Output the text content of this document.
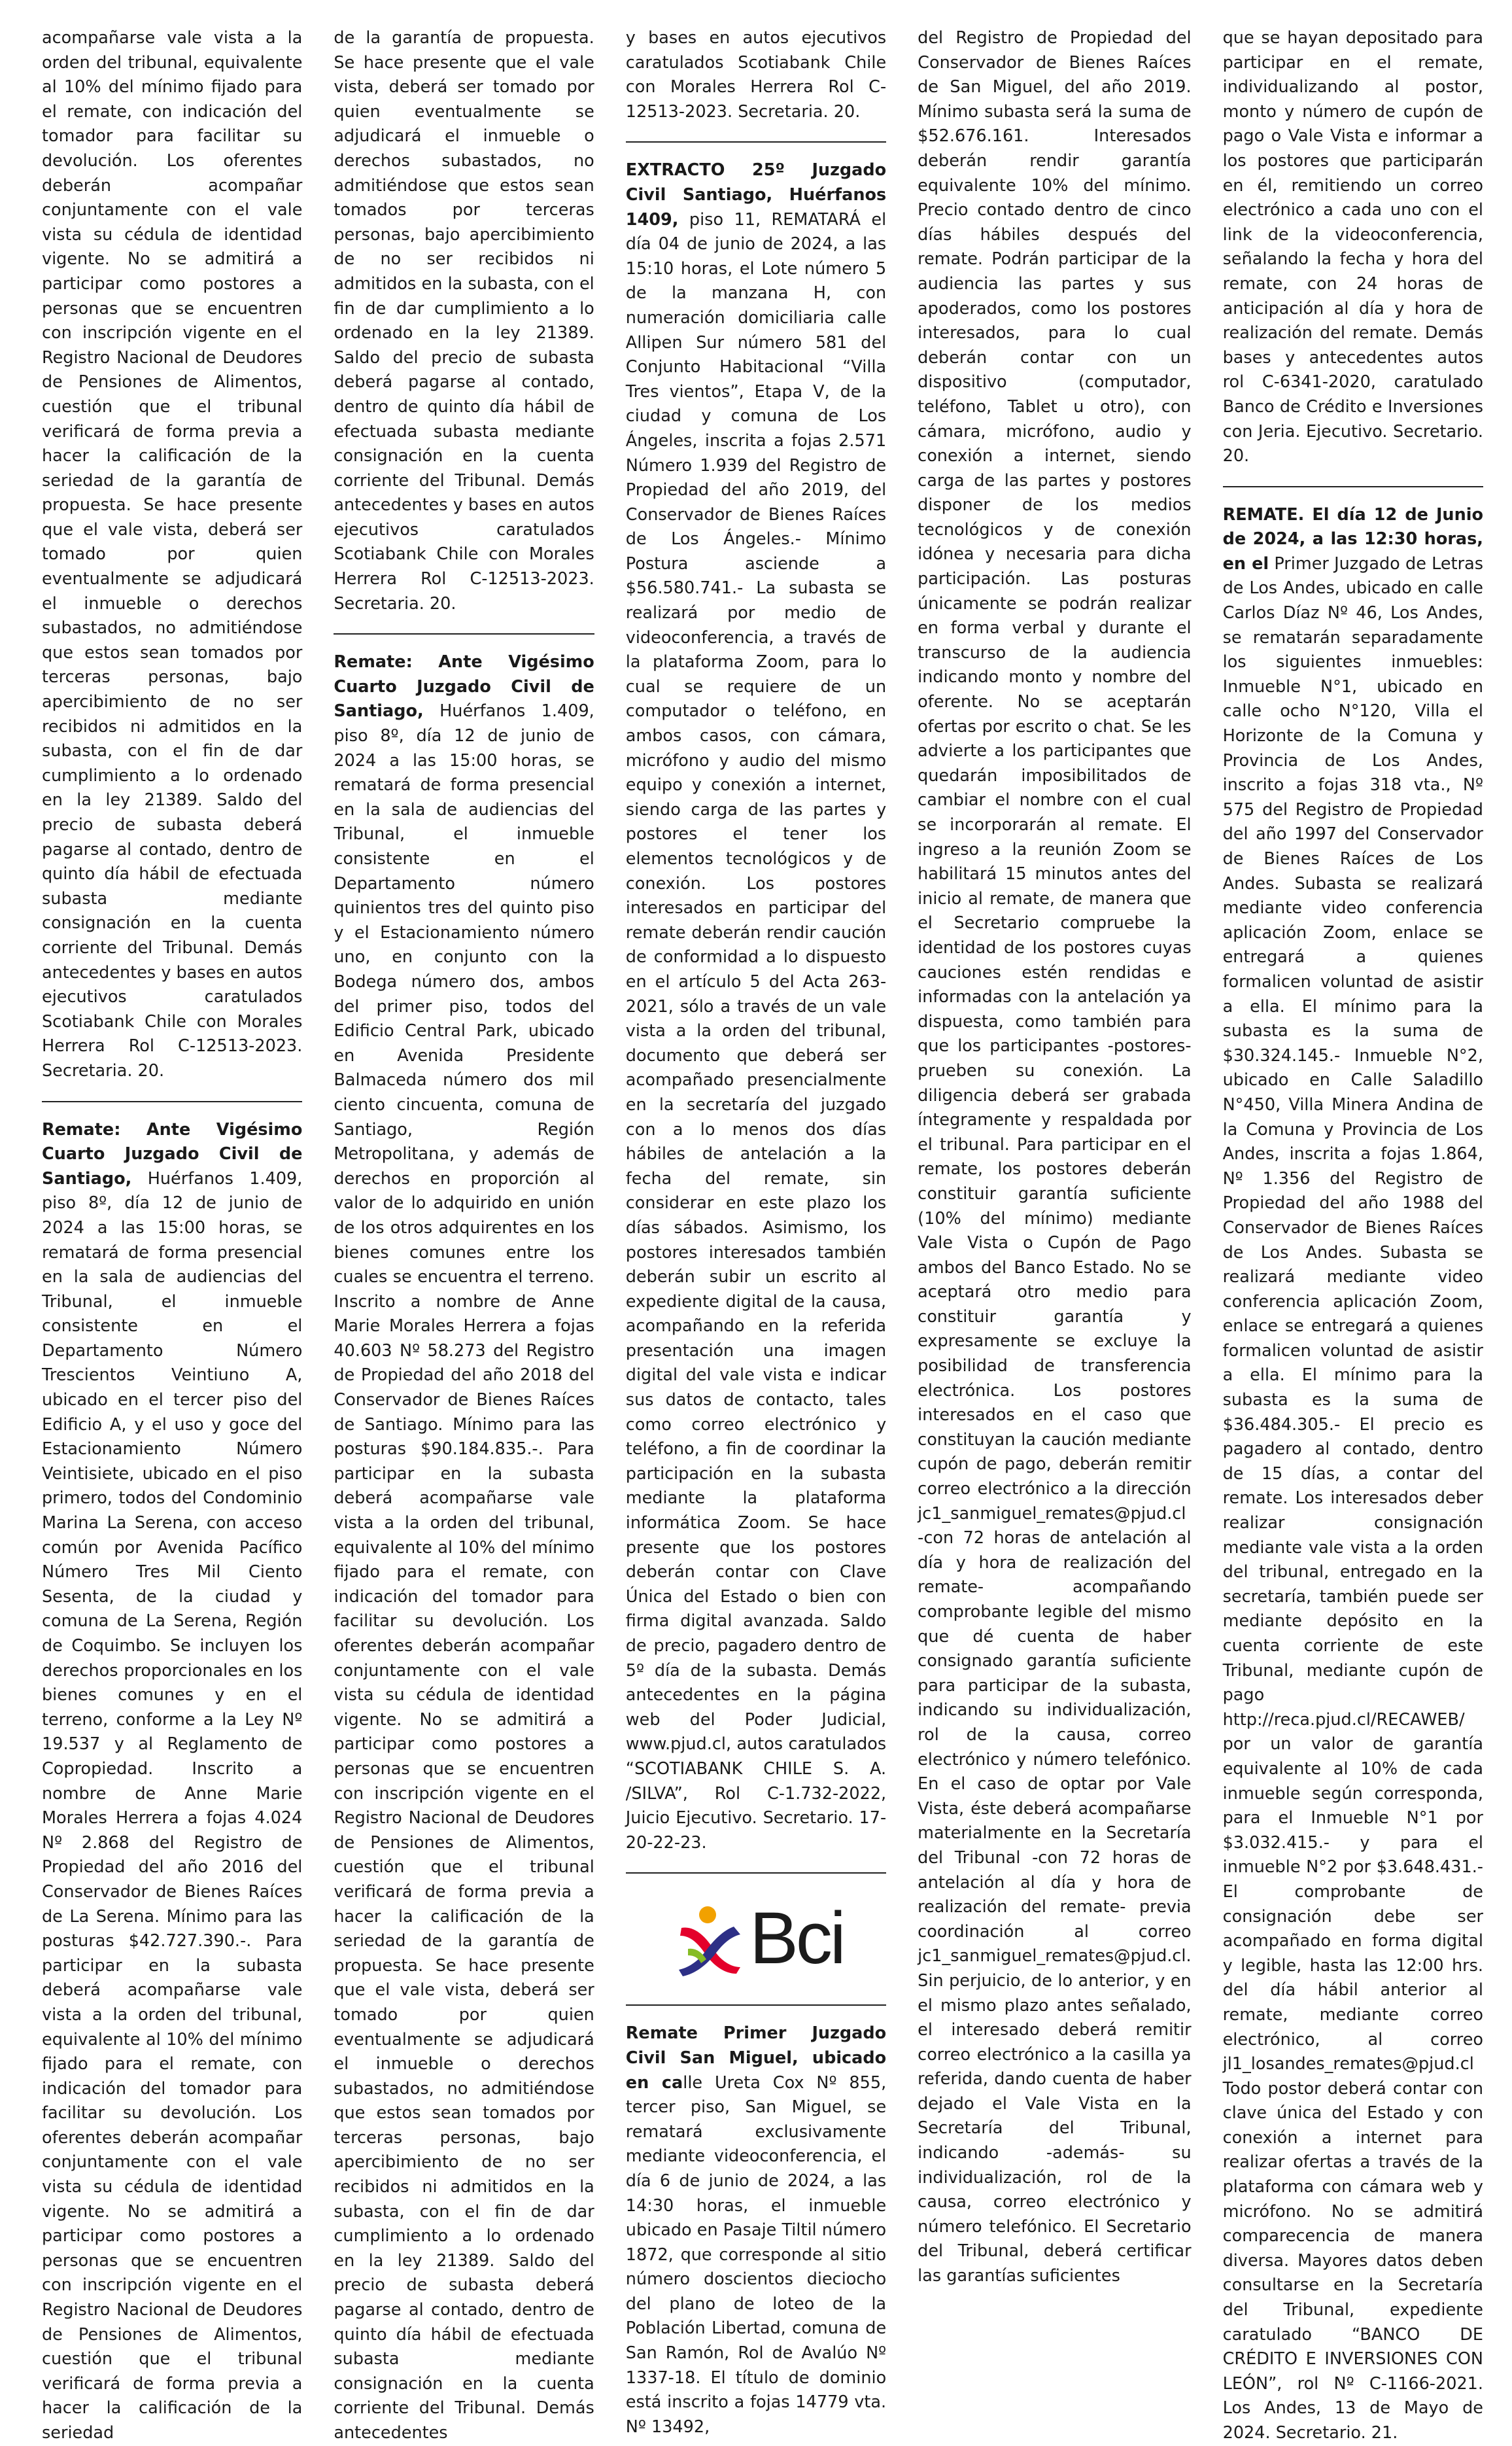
acompañarse vale vista a la orden del tribunal, equivalente al 10% del mínimo fijado para el remate, con indicación del tomador para facilitar su devolución. Los oferentes deberán acompañar conjuntamente con el vale vista su cédula de identidad vigente. No se admitirá a participar como postores a personas que se encuentren con inscripción vigente en el Registro Nacional de Deudores de Pensiones de Alimentos, cuestión que el tribunal verificará de forma previa a hacer la calificación de la seriedad de la garantía de propuesta. Se hace presente que el vale vista, deberá ser tomado por quien eventualmente se adjudicará el inmueble o derechos subastados, no admitiéndose que estos sean tomados por terceras personas, bajo apercibimiento de no ser recibidos ni admitidos en la subasta, con el fin de dar cumplimiento a lo ordenado en la ley 21389. Saldo del precio de subasta deberá pagarse al contado, dentro de quinto día hábil de efectuada subasta mediante consignación en la cuenta corriente del Tribunal. Demás antecedentes y bases en autos ejecutivos caratulados Scotiabank Chile con Morales Herrera Rol C-12513-2023. Secretaria. 20.

Remate: Ante Vigésimo Cuarto Juzgado Civil de Santiago, Huérfanos 1.409, piso 8º, día 12 de junio de 2024 a las 15:00 horas, se rematará de forma presencial en la sala de audiencias del Tribunal, el inmueble consistente en el Departamento Número Trescientos Veintiuno A, ubicado en el tercer piso del Edificio A, y el uso y goce del Estacionamiento Número Veintisiete, ubicado en el piso primero, todos del Condominio Marina La Serena, con acceso común por Avenida Pacífico Número Tres Mil Ciento Sesenta, de la ciudad y comuna de La Serena, Región de Coquimbo. Se incluyen los derechos proporcionales en los bienes comunes y en el terreno, conforme a la Ley Nº 19.537 y al Reglamento de Copropiedad. Inscrito a nombre de Anne Marie Morales Herrera a fojas 4.024 Nº 2.868 del Registro de Propiedad del año 2016 del Conservador de Bienes Raíces de La Serena. Mínimo para las posturas $42.727.390.-. Para participar en la subasta deberá acompañarse vale vista a la orden del tribunal, equivalente al 10% del mínimo fijado para el remate, con indicación del tomador para facilitar su devolución. Los oferentes deberán acompañar conjuntamente con el vale vista su cédula de identidad vigente. No se admitirá a participar como postores a personas que se encuentren con inscripción vigente en el Registro Nacional de Deudores de Pensiones de Alimentos, cuestión que el tribunal verificará de forma previa a hacer la calificación de la seriedad

de la garantía de propuesta. Se hace presente que el vale vista, deberá ser tomado por quien eventualmente se adjudicará el inmueble o derechos subastados, no admitiéndose que estos sean tomados por terceras personas, bajo apercibimiento de no ser recibidos ni admitidos en la subasta, con el fin de dar cumplimiento a lo ordenado en la ley 21389. Saldo del precio de subasta deberá pagarse al contado, dentro de quinto día hábil de efectuada subasta mediante consignación en la cuenta corriente del Tribunal. Demás antecedentes y bases en autos ejecutivos caratulados Scotiabank Chile con Morales Herrera Rol C-12513-2023. Secretaria. 20.

Remate: Ante Vigésimo Cuarto Juzgado Civil de Santiago, Huérfanos 1.409, piso 8º, día 12 de junio de 2024 a las 15:00 horas, se rematará de forma presencial en la sala de audiencias del Tribunal, el inmueble consistente en el Departamento número quinientos tres del quinto piso y el Estacionamiento número uno, en conjunto con la Bodega número dos, ambos del primer piso, todos del Edificio Central Park, ubicado en Avenida Presidente Balmaceda número dos mil ciento cincuenta, comuna de Santiago, Región Metropolitana, y además de derechos en proporción al valor de lo adquirido en unión de los otros adquirentes en los bienes comunes entre los cuales se encuentra el terreno. Inscrito a nombre de Anne Marie Morales Herrera a fojas 40.603 Nº 58.273 del Registro de Propiedad del año 2018 del Conservador de Bienes Raíces de Santiago. Mínimo para las posturas $90.184.835.-. Para participar en la subasta deberá acompañarse vale vista a la orden del tribunal, equivalente al 10% del mínimo fijado para el remate, con indicación del tomador para facilitar su devolución. Los oferentes deberán acompañar conjuntamente con el vale vista su cédula de identidad vigente. No se admitirá a participar como postores a personas que se encuentren con inscripción vigente en el Registro Nacional de Deudores de Pensiones de Alimentos, cuestión que el tribunal verificará de forma previa a hacer la calificación de la seriedad de la garantía de propuesta. Se hace presente que el vale vista, deberá ser tomado por quien eventualmente se adjudicará el inmueble o derechos subastados, no admitiéndose que estos sean tomados por terceras personas, bajo apercibimiento de no ser recibidos ni admitidos en la subasta, con el fin de dar cumplimiento a lo ordenado en la ley 21389. Saldo del precio de subasta deberá pagarse al contado, dentro de quinto día hábil de efectuada subasta mediante consignación en la cuenta corriente del Tribunal. Demás antecedentes

y bases en autos ejecutivos caratulados Scotiabank Chile con Morales Herrera Rol C-12513-2023. Secretaria. 20.

EXTRACTO 25º Juzgado Civil Santiago, Huérfanos 1409, piso 11, REMATARÁ el día 04 de junio de 2024, a las 15:10 horas, el Lote número 5 de la manzana H, con numeración domiciliaria calle Allipen Sur número 581 del Conjunto Habitacional “Villa Tres vientos”, Etapa V, de la ciudad y comuna de Los Ángeles, inscrita a fojas 2.571 Número 1.939 del Registro de Propiedad del año 2019, del Conservador de Bienes Raíces de Los Ángeles.- Mínimo Postura asciende a $56.580.741.- La subasta se realizará por medio de videoconferencia, a través de la plataforma Zoom, para lo cual se requiere de un computador o teléfono, en ambos casos, con cámara, micrófono y audio del mismo equipo y conexión a internet, siendo carga de las partes y postores el tener los elementos tecnológicos y de conexión. Los postores interesados en participar del remate deberán rendir caución de conformidad a lo dispuesto en el artículo 5 del Acta 263-2021, sólo a través de un vale vista a la orden del tribunal, documento que deberá ser acompañado presencialmente en la secretaría del juzgado con a lo menos dos días hábiles de antelación a la fecha del remate, sin considerar en este plazo los días sábados. Asimismo, los postores interesados también deberán subir un escrito al expediente digital de la causa, acompañando en la referida presentación una imagen digital del vale vista e indicar sus datos de contacto, tales como correo electrónico y teléfono, a fin de coordinar la participación en la subasta mediante la plataforma informática Zoom. Se hace presente que los postores deberán contar con Clave Única del Estado o bien con firma digital avanzada. Saldo de precio, pagadero dentro de 5º día de la subasta. Demás antecedentes en la página web del Poder Judicial, www.pjud.cl, autos caratulados “SCOTIABANK CHILE S. A. /SILVA”, Rol C-1.732-2022, Juicio Ejecutivo. Secretario. 17-20-22-23.

Bci

Remate Primer Juzgado Civil San Miguel, ubicado en calle Ureta Cox Nº 855, tercer piso, San Miguel, se rematará exclusivamente mediante videoconferencia, el día 6 de junio de 2024, a las 14:30 horas, el inmueble ubicado en Pasaje Tiltil número 1872, que corresponde al sitio número doscientos dieciocho del plano de loteo de la Población Libertad, comuna de San Ramón, Rol de Avalúo Nº 1337-18. El título de dominio está inscrito a fojas 14779 vta. Nº 13492,

del Registro de Propiedad del Conservador de Bienes Raíces de San Miguel, del año 2019. Mínimo subasta será la suma de $52.676.161. Interesados deberán rendir garantía equivalente 10% del mínimo. Precio contado dentro de cinco días hábiles después del remate. Podrán participar de la audiencia las partes y sus apoderados, como los postores interesados, para lo cual deberán contar con un dispositivo (computador, teléfono, Tablet u otro), con cámara, micrófono, audio y conexión a internet, siendo carga de las partes y postores disponer de los medios tecnológicos y de conexión idónea y necesaria para dicha participación. Las posturas únicamente se podrán realizar en forma verbal y durante el transcurso de la audiencia indicando monto y nombre del oferente. No se aceptarán ofertas por escrito o chat. Se les advierte a los participantes que quedarán imposibilitados de cambiar el nombre con el cual se incorporarán al remate. El ingreso a la reunión Zoom se habilitará 15 minutos antes del inicio al remate, de manera que el Secretario compruebe la identidad de los postores cuyas cauciones estén rendidas e informadas con la antelación ya dispuesta, como también para que los participantes -postores- prueben su conexión. La diligencia deberá ser grabada íntegramente y respaldada por el tribunal. Para participar en el remate, los postores deberán constituir garantía suficiente (10% del mínimo) mediante Vale Vista o Cupón de Pago ambos del Banco Estado. No se aceptará otro medio para constituir garantía y expresamente se excluye la posibilidad de transferencia electrónica. Los postores interesados en el caso que constituyan la caución mediante cupón de pago, deberán remitir correo electrónico a la dirección jc1_sanmiguel_remates@pjud.cl -con 72 horas de antelación al día y hora de realización del remate- acompañando comprobante legible del mismo que dé cuenta de haber consignado garantía suficiente para participar de la subasta, indicando su individualización, rol de la causa, correo electrónico y número telefónico. En el caso de optar por Vale Vista, éste deberá acompañarse materialmente en la Secretaría del Tribunal -con 72 horas de antelación al día y hora de realización del remate- previa coordinación al correo jc1_sanmiguel_remates@pjud.cl. Sin perjuicio, de lo anterior, y en el mismo plazo antes señalado, el interesado deberá remitir correo electrónico a la casilla ya referida, dando cuenta de haber dejado el Vale Vista en la Secretaría del Tribunal, indicando -además- su individualización, rol de la causa, correo electrónico y número telefónico. El Secretario del Tribunal, deberá certificar las garantías suficientes

que se hayan depositado para participar en el remate, individualizando al postor, monto y número de cupón de pago o Vale Vista e informar a los postores que participarán en él, remitiendo un correo electrónico a cada uno con el link de la videoconferencia, señalando la fecha y hora del remate, con 24 horas de anticipación al día y hora de realización del remate. Demás bases y antecedentes autos rol C-6341-2020, caratulado Banco de Crédito e Inversiones con Jeria. Ejecutivo. Secretario. 20.

REMATE. El día 12 de Junio de 2024, a las 12:30 horas, en el Primer Juzgado de Letras de Los Andes, ubicado en calle Carlos Díaz Nº 46, Los Andes, se rematarán separadamente los siguientes inmuebles: Inmueble N°1, ubicado en calle ocho N°120, Villa el Horizonte de la Comuna y Provincia de Los Andes, inscrito a fojas 318 vta., Nº 575 del Registro de Propiedad del año 1997 del Conservador de Bienes Raíces de Los Andes. Subasta se realizará mediante video conferencia aplicación Zoom, enlace se entregará a quienes formalicen voluntad de asistir a ella. El mínimo para la subasta es la suma de $30.324.145.- Inmueble N°2, ubicado en Calle Saladillo N°450, Villa Minera Andina de la Comuna y Provincia de Los Andes, inscrita a fojas 1.864, Nº 1.356 del Registro de Propiedad del año 1988 del Conservador de Bienes Raíces de Los Andes. Subasta se realizará mediante video conferencia aplicación Zoom, enlace se entregará a quienes formalicen voluntad de asistir a ella. El mínimo para la subasta es la suma de $36.484.305.- El precio es pagadero al contado, dentro de 15 días, a contar del remate. Los interesados deber realizar consignación mediante vale vista a la orden del tribunal, entregado en la secretaría, también puede ser mediante depósito en la cuenta corriente de este Tribunal, mediante cupón de pago http://reca.pjud.cl/RECAWEB/ por un valor de garantía equivalente al 10% de cada inmueble según corresponda, para el Inmueble N°1 por $3.032.415.- y para el inmueble N°2 por $3.648.431.- El comprobante de consignación debe ser acompañado en forma digital y legible, hasta las 12:00 hrs. del día hábil anterior al remate, mediante correo electrónico, al correo jl1_losandes_remates@pjud.cl Todo postor deberá contar con clave única del Estado y con conexión a internet para realizar ofertas a través de la plataforma con cámara web y micrófono. No se admitirá comparecencia de manera diversa. Mayores datos deben consultarse en la Secretaría del Tribunal, expediente caratulado “BANCO DE CRÉDITO E INVERSIONES CON LEÓN”, rol Nº C-1166-2021. Los Andes, 13 de Mayo de 2024. Secretario. 21.
